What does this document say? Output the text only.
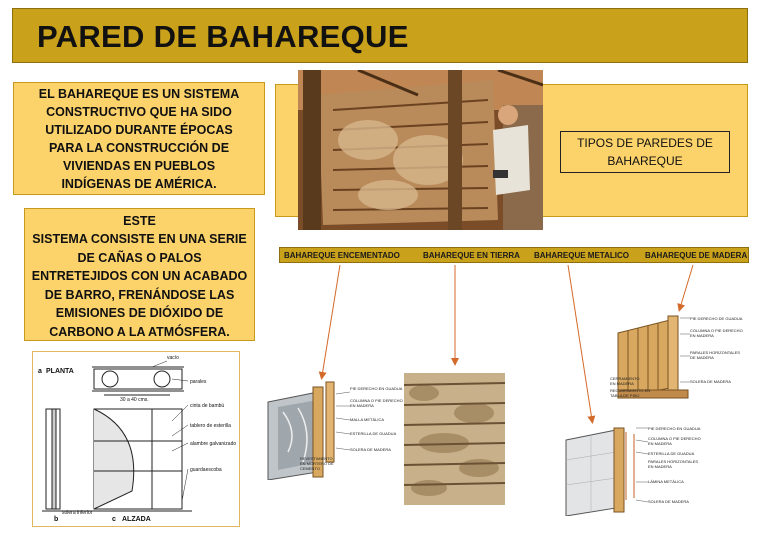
PARED DE BAHAREQUE
EL BAHAREQUE ES UN SISTEMA CONSTRUCTIVO QUE HA SIDO UTILIZADO DURANTE ÉPOCAS PARA LA CONSTRUCCIÓN DE VIVIENDAS EN PUEBLOS INDÍGENAS DE AMÉRICA.
ESTE
SISTEMA CONSISTE EN UNA SERIE DE CAÑAS O PALOS ENTRETEJIDOS CON UN ACABADO DE BARRO, FRENÁNDOSE LAS EMISIONES DE DIÓXIDO DE CARBONO A LA ATMÓSFERA.
TIPOS DE PAREDES DE BAHAREQUE
BAHAREQUE ENCEMENTADO	BAHAREQUE EN TIERRA BAHAREQUE METALICO BAHAREQUE DE MADERA
a PLANTA
30 a 40 cms.
vacío
parales
cinta de bambú
tablero de esterilla
alambre galvanizado
guardaescoba
solera inferior
b	c ALZADA
PIE DERECHO EN GUADUA
COLUMNA O PIE DERECHO
EN MADERA
MALLA METÁLICA
ESTERILLA DE GUADUA
SOLERA DE MADERA
REVESTIMIENTO
EN MORTERO DE
CEMENTO
PIE DERECHO EN GUADUA
COLUMNA O PIE DERECHO
EN MADERA
ESTERILLA DE GUADUA
PARALES HORIZONTALES
EN MADERA
LÁMINA METÁLICA
SOLERA DE MADERA
PIE DERECHO DE GUADUA
COLUMNA O PIE DERECHO
EN MADERA
PARALES HORIZONTALES
DE MADERA
SOLERA DE MADERA
CERRAMIENTO
EN MADERA
RECUBRIMIENTO EN
TABLA DE PISO
